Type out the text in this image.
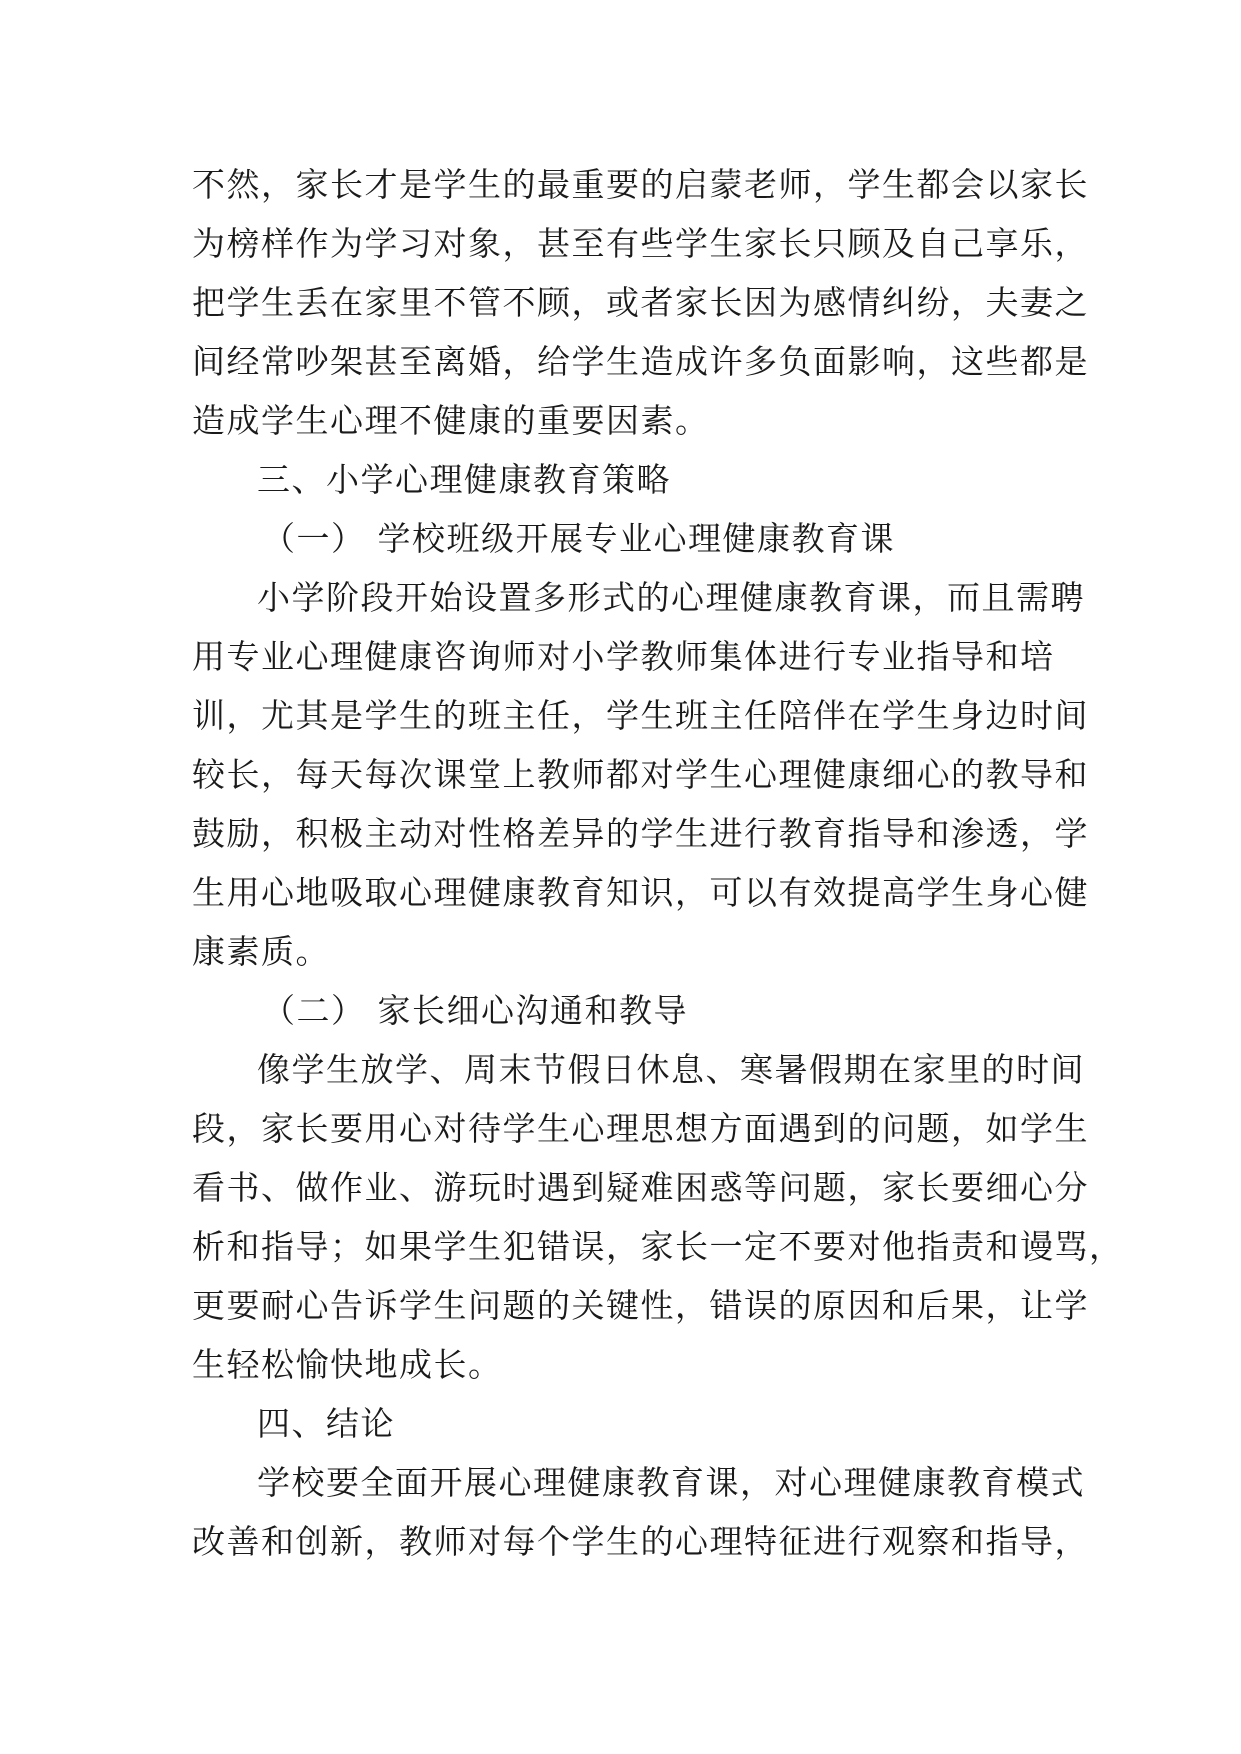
不然，家长才是学生的最重要的启蒙老师，学生都会以家长
为榜样作为学习对象，甚至有些学生家长只顾及自己享乐，
把学生丢在家里不管不顾，或者家长因为感情纠纷，夫妻之
间经常吵架甚至离婚，给学生造成许多负面影响，这些都是
造成学生心理不健康的重要因素。
三、小学心理健康教育策略
（一） 学校班级开展专业心理健康教育课
小学阶段开始设置多形式的心理健康教育课，而且需聘
用专业心理健康咨询师对小学教师集体进行专业指导和培
训，尤其是学生的班主任，学生班主任陪伴在学生身边时间
较长，每天每次课堂上教师都对学生心理健康细心的教导和
鼓励，积极主动对性格差异的学生进行教育指导和渗透，学
生用心地吸取心理健康教育知识，可以有效提高学生身心健
康素质。
（二） 家长细心沟通和教导
像学生放学、周末节假日休息、寒暑假期在家里的时间
段，家长要用心对待学生心理思想方面遇到的问题，如学生
看书、做作业、游玩时遇到疑难困惑等问题，家长要细心分
析和指导；如果学生犯错误，家长一定不要对他指责和谩骂，
更要耐心告诉学生问题的关键性，错误的原因和后果，让学
生轻松愉快地成长。
四、结论
学校要全面开展心理健康教育课，对心理健康教育模式
改善和创新，教师对每个学生的心理特征进行观察和指导，
